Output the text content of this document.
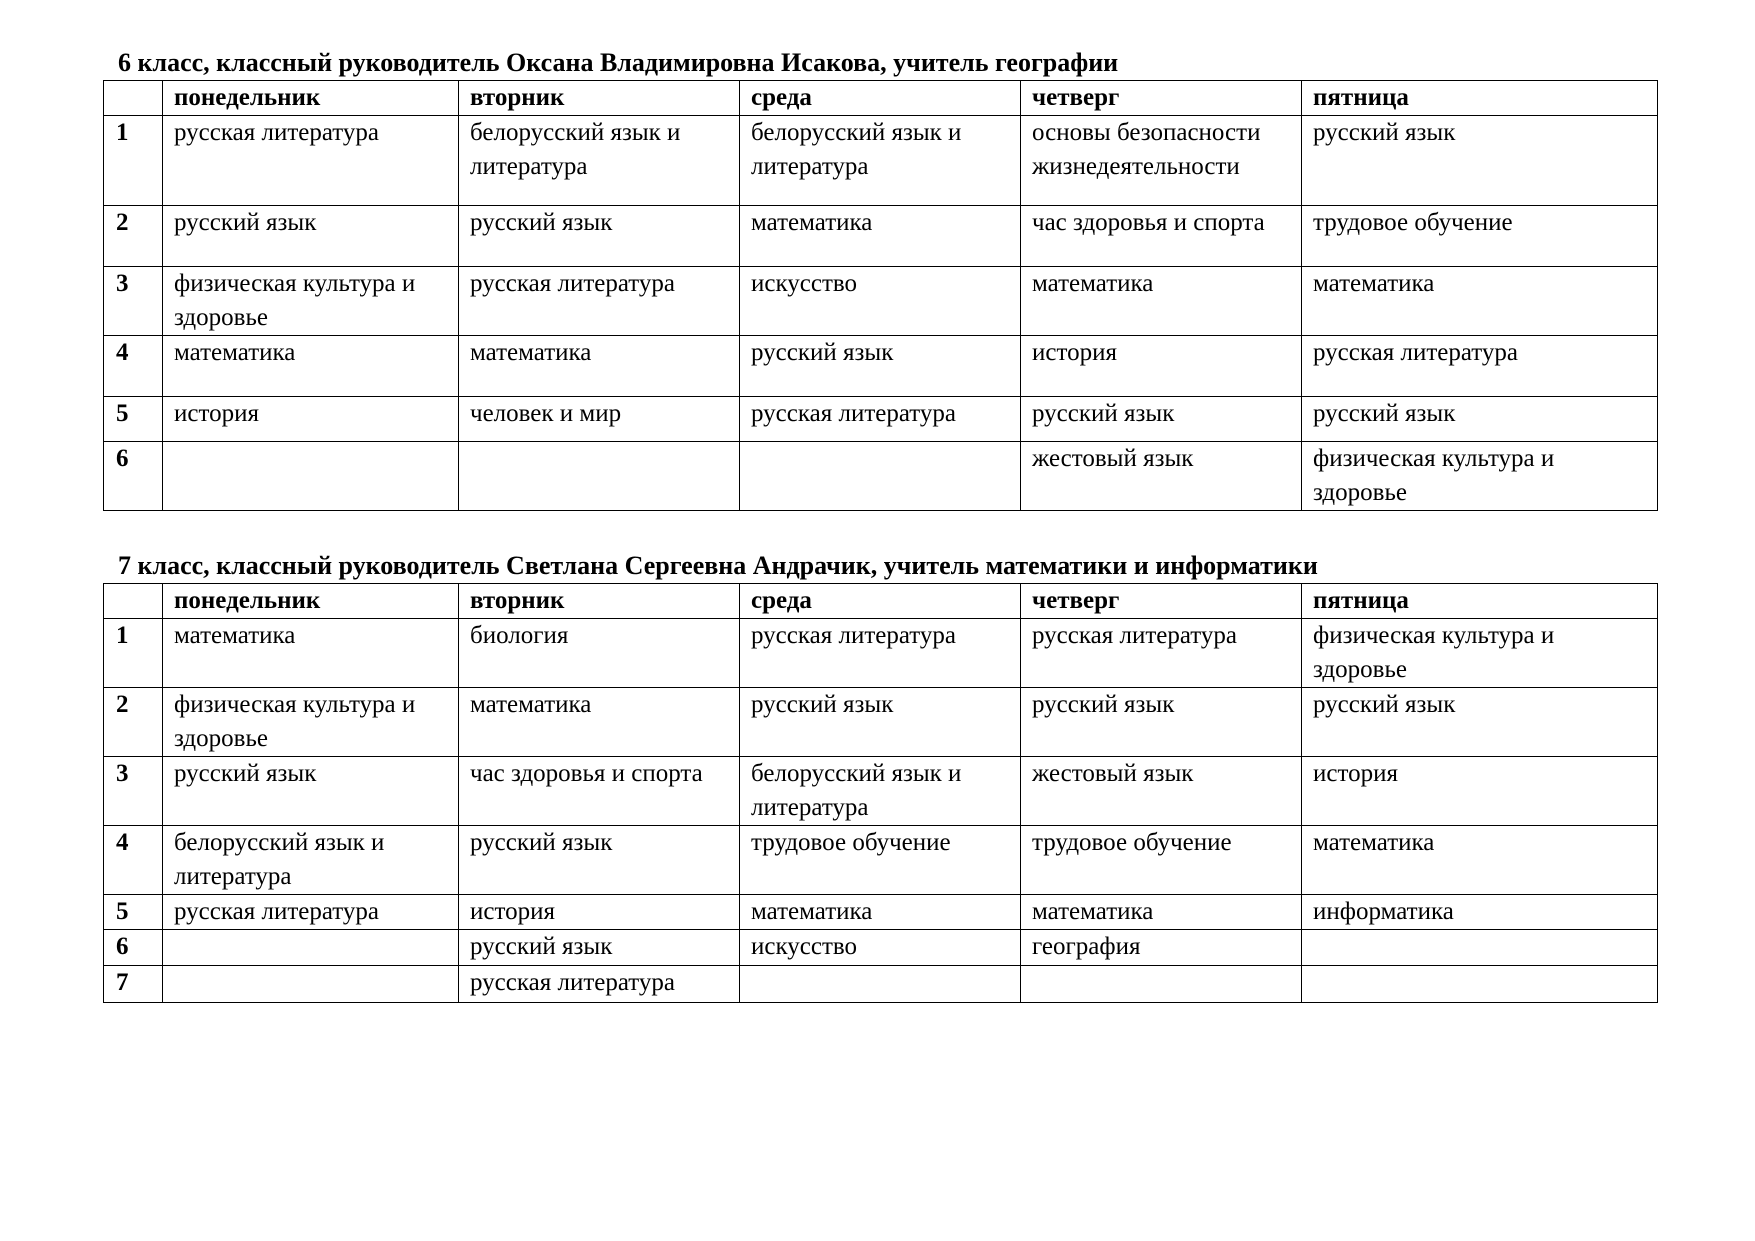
6 класс, классный руководитель Оксана Владимировна Исакова, учитель географии
	понедельник	вторник	среда	четверг	пятница
1	русская литература	белорусский язык и литература	белорусский язык и литература	основы безопасности жизнедеятельности	русский язык
2	русский язык	русский язык	математика	час здоровья и спорта	трудовое обучение
3	физическая культура и здоровье	русская литература	искусство	математика	математика
4	математика	математика	русский язык	история	русская литература
5	история	человек и мир	русская литература	русский язык	русский язык
6				жестовый язык	физическая культура и здоровье
7 класс, классный руководитель Светлана Сергеевна Андрачик, учитель математики и информатики
	понедельник	вторник	среда	четверг	пятница
1	математика	биология	русская литература	русская литература	физическая культура и здоровье
2	физическая культура и здоровье	математика	русский язык	русский язык	русский язык
3	русский язык	час здоровья и спорта	белорусский язык и литература	жестовый язык	история
4	белорусский язык и литература	русский язык	трудовое обучение	трудовое обучение	математика
5	русская литература	история	математика	математика	информатика
6		русский язык	искусство	география	
7		русская литература			
